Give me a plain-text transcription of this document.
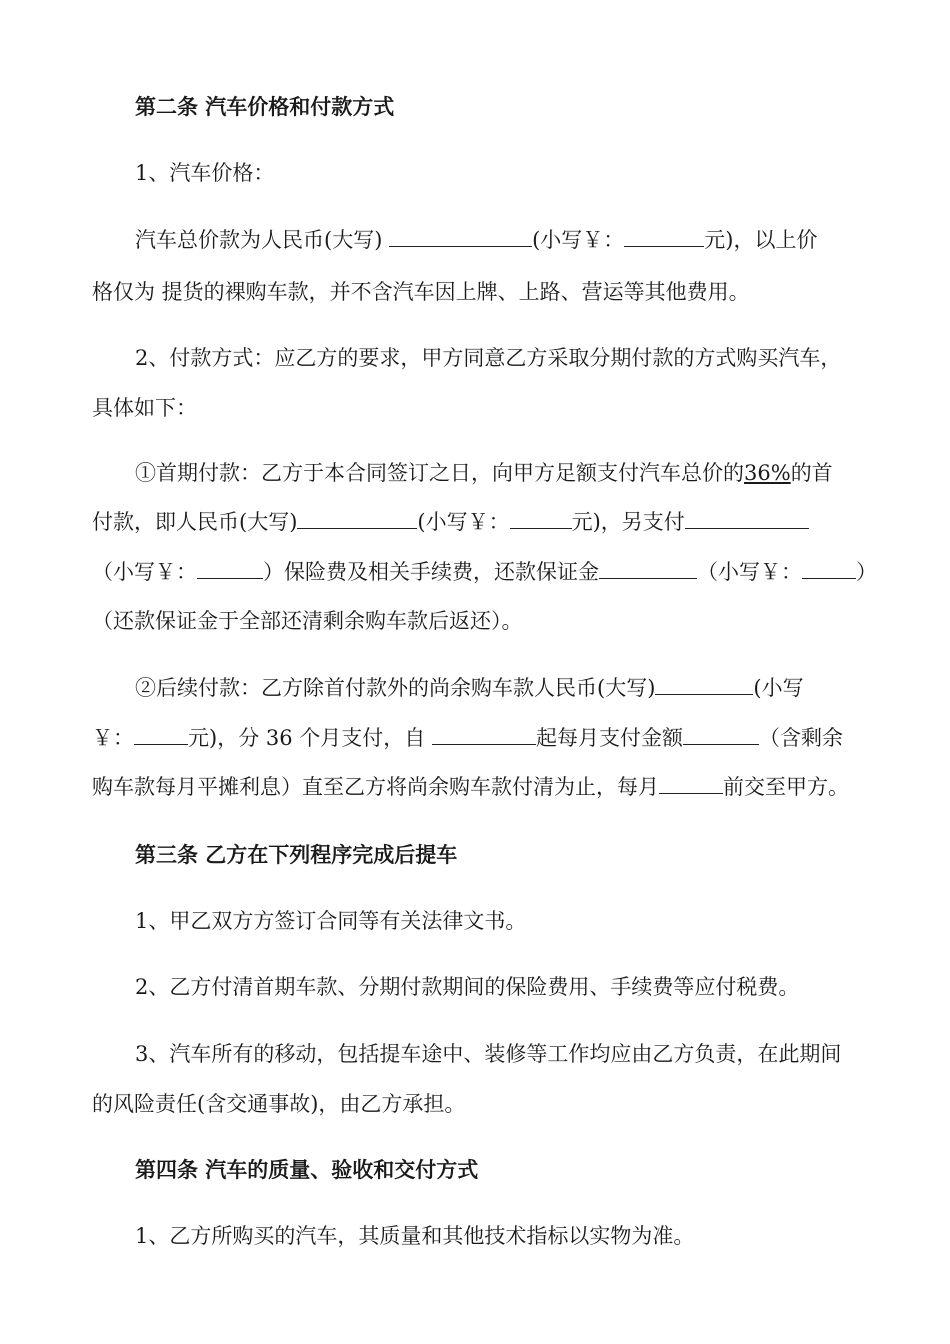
第二条 汽车价格和付款方式
1、汽车价格：
汽车总价款为人民币(大写)	(小写￥：	元)，以上价
格仅为 提货的裸购车款，并不含汽车因上牌、上路、营运等其他费用。
2、付款方式：应乙方的要求，甲方同意乙方采取分期付款的方式购买汽车，
具体如下：
①首期付款：乙方于本合同签订之日，向甲方足额支付汽车总价的36%的首
付款，即人民币(大写)	(小写￥：	元)，另支付
（小写￥：	）保险费及相关手续费，还款保证金	（小写￥：	）
（还款保证金于全部还清剩余购车款后返还）。
②后续付款：乙方除首付款外的尚余购车款人民币(大写)	(小写
￥：	元)，分 36 个月支付，自	起每月支付金额	（含剩余
购车款每月平摊利息）直至乙方将尚余购车款付清为止，每月	前交至甲方。
第三条 乙方在下列程序完成后提车
1、甲乙双方方签订合同等有关法律文书。
2、乙方付清首期车款、分期付款期间的保险费用、手续费等应付税费。
3、汽车所有的移动，包括提车途中、装修等工作均应由乙方负责，在此期间
的风险责任(含交通事故)，由乙方承担。
第四条 汽车的质量、验收和交付方式
1、乙方所购买的汽车，其质量和其他技术指标以实物为准。
